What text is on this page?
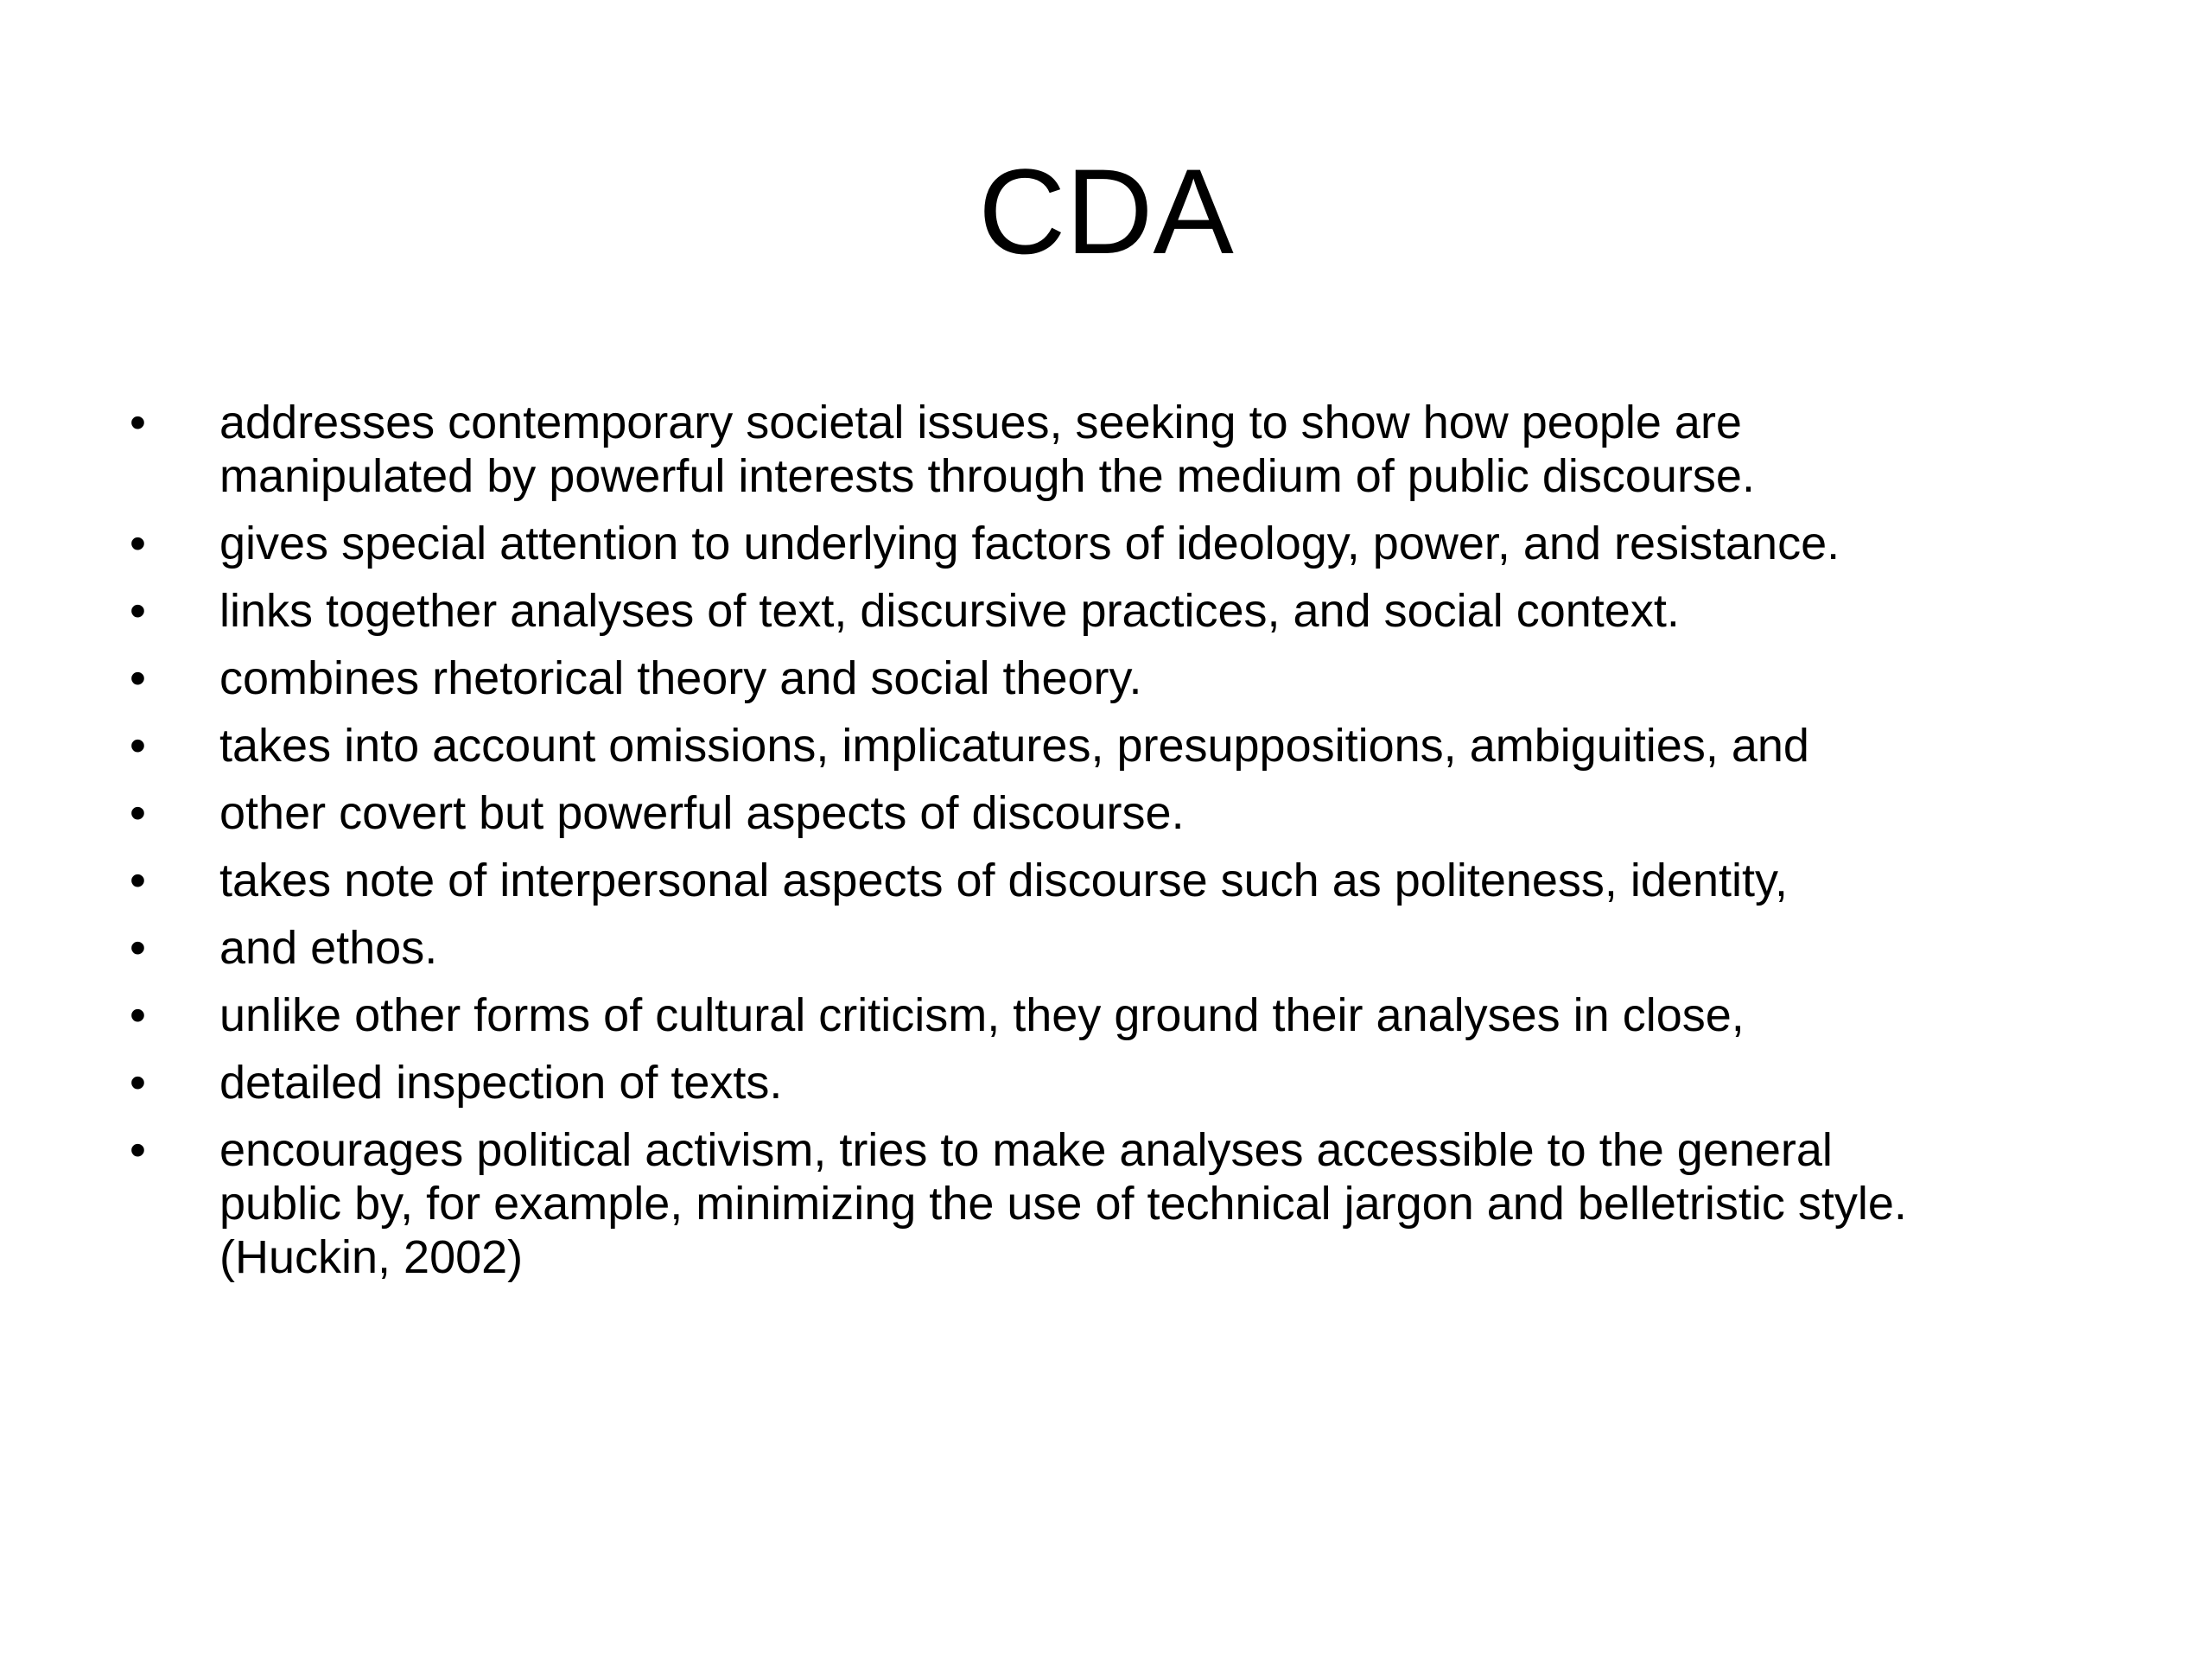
CDA
•	addresses contemporary societal issues, seeking to show how people are
manipulated by powerful interests through the medium of public discourse.
•	gives special attention to underlying factors of ideology, power, and resistance.
•	links together analyses of text, discursive practices, and social context.
•	combines rhetorical theory and social theory.
•	takes into account omissions, implicatures, presuppositions, ambiguities, and
•	other covert but powerful aspects of discourse.
•	takes note of interpersonal aspects of discourse such as politeness, identity,
•	and ethos.
•	unlike other forms of cultural criticism, they ground their analyses in close,
•	detailed inspection of texts.
•	encourages political activism, tries to make analyses accessible to the general
public by, for example, minimizing the use of technical jargon and belletristic style.
(Huckin, 2002)
